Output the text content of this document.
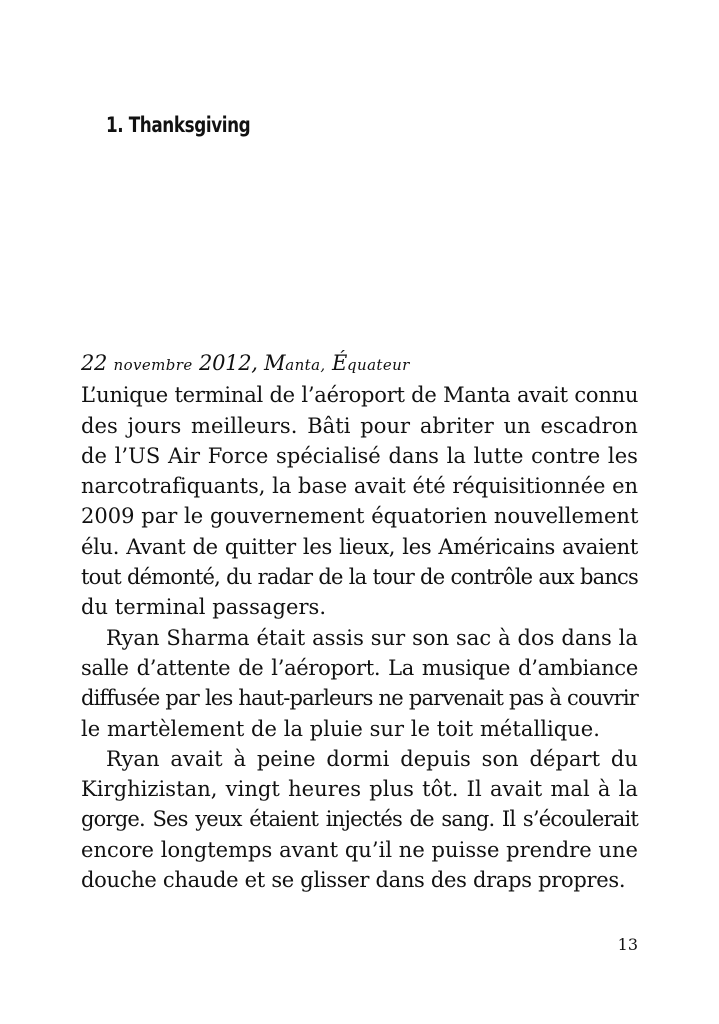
1. Thanksgiving

22 novembre 2012, Manta, Équateur

L’unique terminal de l’aéroport de Manta avait connu
des jours meilleurs. Bâti pour abriter un escadron
de l’US Air Force spécialisé dans la lutte contre les
narcotrafiquants, la base avait été réquisitionnée en
2009 par le gouvernement équatorien nouvellement
élu. Avant de quitter les lieux, les Américains avaient
tout démonté, du radar de la tour de contrôle aux bancs
du terminal passagers.
Ryan Sharma était assis sur son sac à dos dans la
salle d’attente de l’aéroport. La musique d’ambiance
diffusée par les haut-parleurs ne parvenait pas à couvrir
le martèlement de la pluie sur le toit métallique.
Ryan avait à peine dormi depuis son départ du
Kirghizistan, vingt heures plus tôt. Il avait mal à la
gorge. Ses yeux étaient injectés de sang. Il s’écoulerait
encore longtemps avant qu’il ne puisse prendre une
douche chaude et se glisser dans des draps propres.

13
